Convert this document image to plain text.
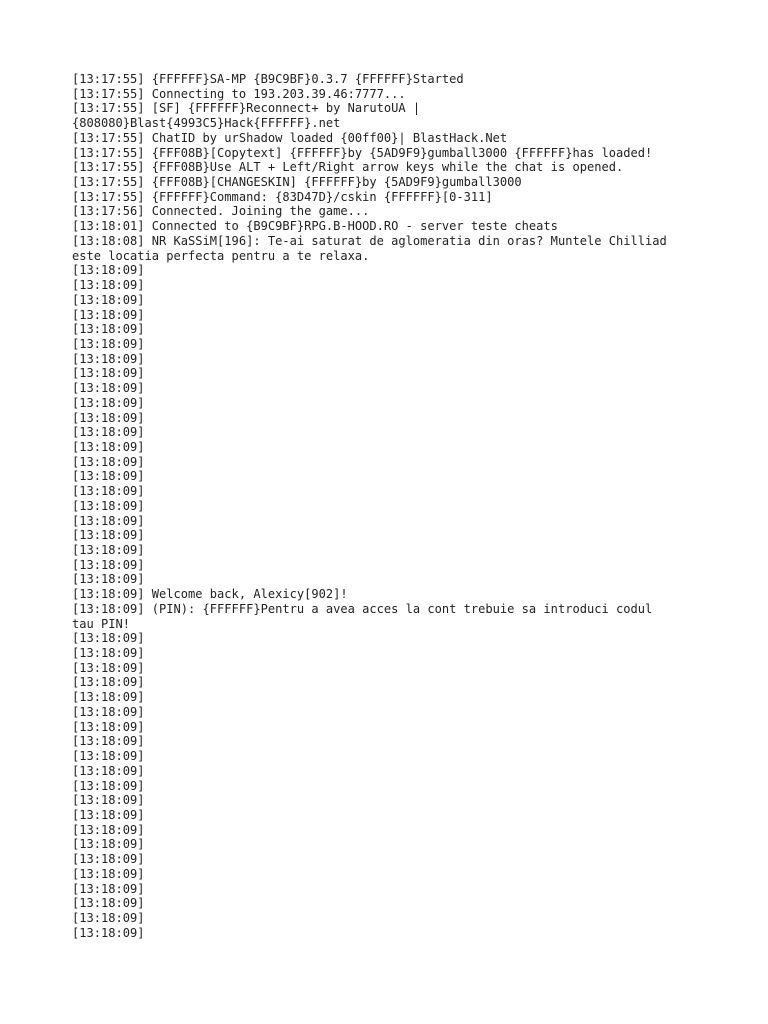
[13:17:55] {FFFFFF}SA-MP {B9C9BF}0.3.7 {FFFFFF}Started
[13:17:55] Connecting to 193.203.39.46:7777...
[13:17:55] [SF] {FFFFFF}Reconnect+ by NarutoUA |
{808080}Blast{4993C5}Hack{FFFFFF}.net
[13:17:55] ChatID by urShadow loaded {00ff00}| BlastHack.Net
[13:17:55] {FFF08B}[Copytext] {FFFFFF}by {5AD9F9}gumball3000 {FFFFFF}has loaded!
[13:17:55] {FFF08B}Use ALT + Left/Right arrow keys while the chat is opened.
[13:17:55] {FFF08B}[CHANGESKIN] {FFFFFF}by {5AD9F9}gumball3000
[13:17:55] {FFFFFF}Command: {83D47D}/cskin {FFFFFF}[0-311]
[13:17:56] Connected. Joining the game...
[13:18:01] Connected to {B9C9BF}RPG.B-HOOD.RO - server teste cheats
[13:18:08] NR KaSSiM[196]: Te-ai saturat de aglomeratia din oras? Muntele Chilliad
este locatia perfecta pentru a te relaxa.
[13:18:09]
[13:18:09]
[13:18:09]
[13:18:09]
[13:18:09]
[13:18:09]
[13:18:09]
[13:18:09]
[13:18:09]
[13:18:09]
[13:18:09]
[13:18:09]
[13:18:09]
[13:18:09]
[13:18:09]
[13:18:09]
[13:18:09]
[13:18:09]
[13:18:09]
[13:18:09]
[13:18:09]
[13:18:09]
[13:18:09] Welcome back, Alexicy[902]!
[13:18:09] (PIN): {FFFFFF}Pentru a avea acces la cont trebuie sa introduci codul
tau PIN!
[13:18:09]
[13:18:09]
[13:18:09]
[13:18:09]
[13:18:09]
[13:18:09]
[13:18:09]
[13:18:09]
[13:18:09]
[13:18:09]
[13:18:09]
[13:18:09]
[13:18:09]
[13:18:09]
[13:18:09]
[13:18:09]
[13:18:09]
[13:18:09]
[13:18:09]
[13:18:09]
[13:18:09]
